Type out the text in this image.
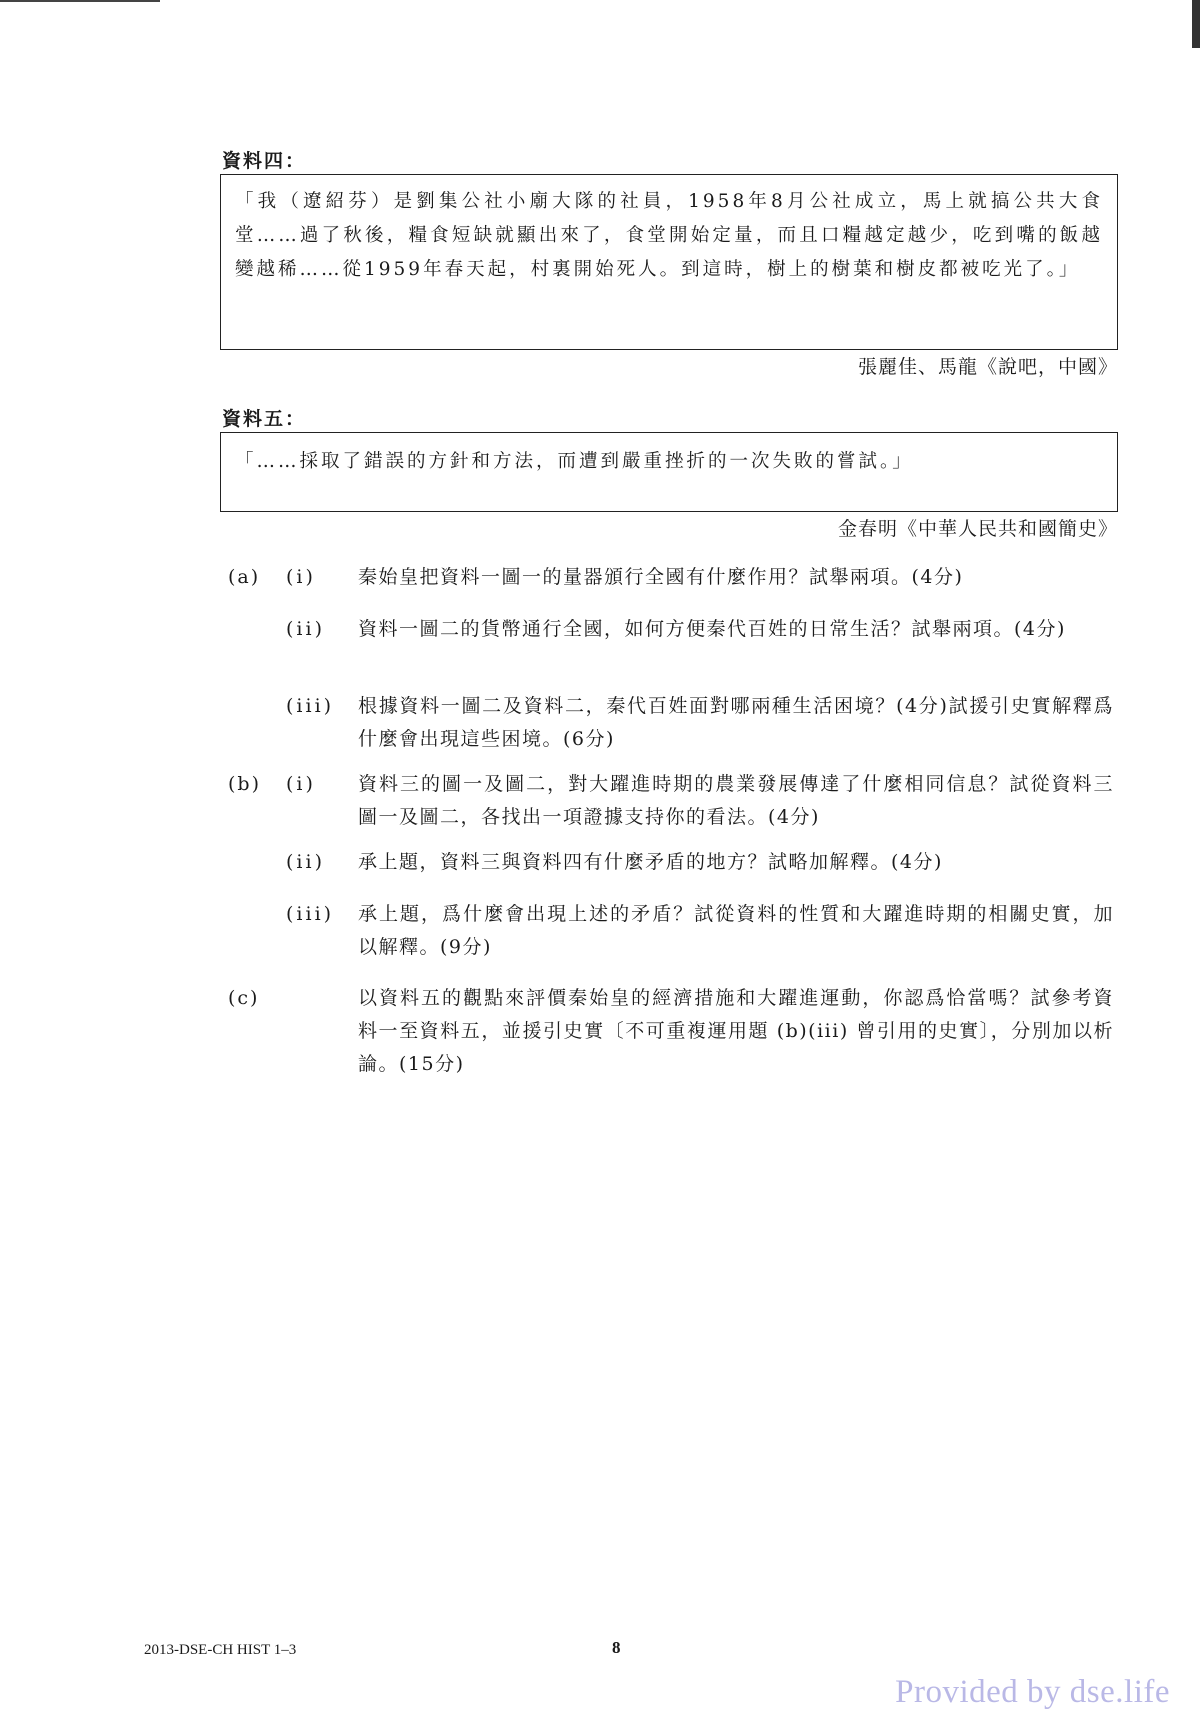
資料四：
「我（遼紹芬）是劉集公社小廟大隊的社員，1958年8月公社成立，馬上就搞公共大食堂……過了秋後，糧食短缺就顯出來了，食堂開始定量，而且口糧越定越少，吃到嘴的飯越變越稀……從1959年春天起，村裏開始死人。到這時，樹上的樹葉和樹皮都被吃光了。」
張麗佳、馬龍《說吧，中國》
資料五：
「……採取了錯誤的方針和方法，而遭到嚴重挫折的一次失敗的嘗試。」
金春明《中華人民共和國簡史》
(a) (i) 秦始皇把資料一圖一的量器頒行全國有什麼作用？試舉兩項。(4分)
(ii) 資料一圖二的貨幣通行全國，如何方便秦代百姓的日常生活？試舉兩項。(4分)
(iii) 根據資料一圖二及資料二，秦代百姓面對哪兩種生活困境？(4分)試援引史實解釋爲什麼會出現這些困境。(6分)
(b) (i) 資料三的圖一及圖二，對大躍進時期的農業發展傳達了什麼相同信息？試從資料三圖一及圖二，各找出一項證據支持你的看法。(4分)
(ii) 承上題，資料三與資料四有什麼矛盾的地方？試略加解釋。(4分)
(iii) 承上題，爲什麼會出現上述的矛盾？試從資料的性質和大躍進時期的相關史實，加以解釋。(9分)
(c)	以資料五的觀點來評價秦始皇的經濟措施和大躍進運動，你認爲恰當嗎？試參考資料一至資料五，並援引史實〔不可重複運用題 (b)(iii) 曾引用的史實〕，分別加以析論。(15分)
2013-DSE-CH HIST 1–3	8
Provided by dse.life
